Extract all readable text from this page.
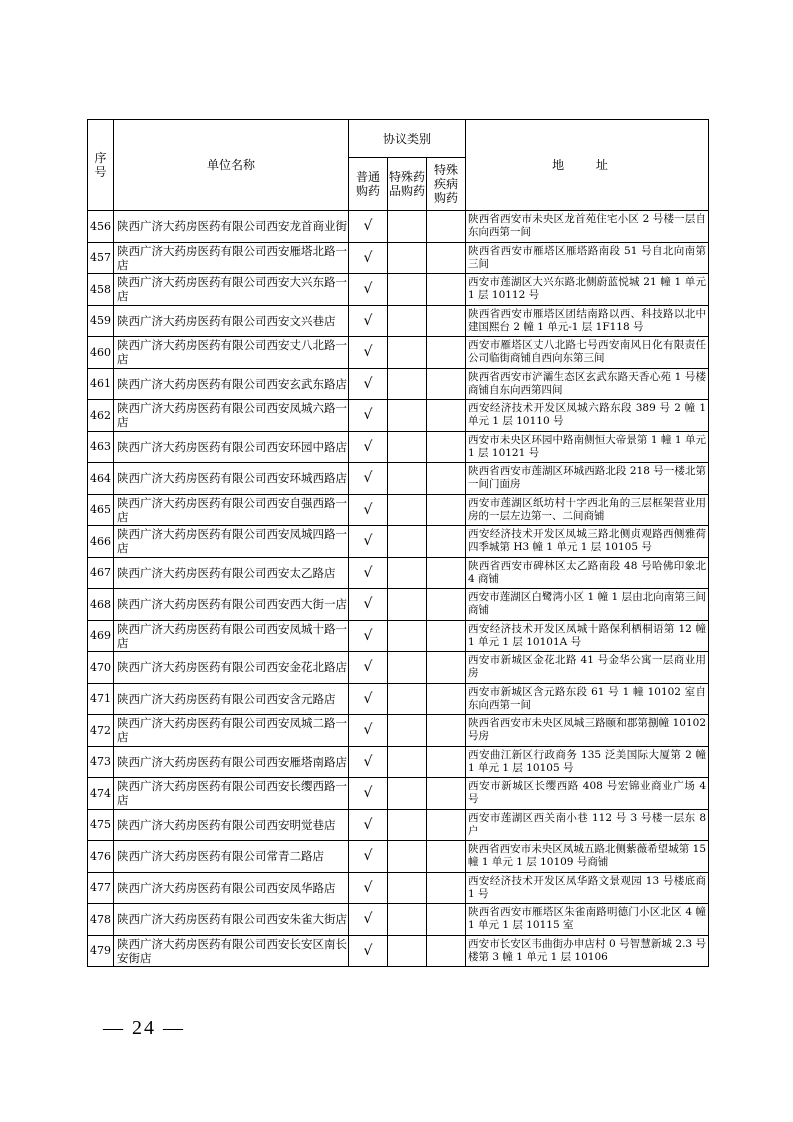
序号	单位名称	协议类别			地 址
		普通购药	特殊药品购药	特殊疾病购药	
456	陕西广济大药房医药有限公司西安龙首商业街	√			陕西省西安市未央区龙首苑住宅小区 2 号楼一层自东向西第一间
457	陕西广济大药房医药有限公司西安雁塔北路一店	√			陕西省西安市雁塔区雁塔路南段 51 号自北向南第三间
458	陕西广济大药房医药有限公司西安大兴东路一店	√			西安市莲湖区大兴东路北侧蔚蓝悦城 21 幢 1 单元 1 层 10112 号
459	陕西广济大药房医药有限公司西安文兴巷店	√			陕西省西安市雁塔区团结南路以西、科技路以北中建国熙台 2 幢 1 单元-1 层 1F118 号
460	陕西广济大药房医药有限公司西安丈八北路一店	√			西安市雁塔区丈八北路七号西安南风日化有限责任公司临街商铺自西向东第三间
461	陕西广济大药房医药有限公司西安玄武东路店	√			陕西省西安市浐灞生态区玄武东路天香心苑 1 号楼商铺自东向西第四间
462	陕西广济大药房医药有限公司西安凤城六路一店	√			西安经济技术开发区凤城六路东段 389 号 2 幢 1 单元 1 层 10110 号
463	陕西广济大药房医药有限公司西安环园中路店	√			西安市未央区环园中路南侧恒大帝景第 1 幢 1 单元 1 层 10121 号
464	陕西广济大药房医药有限公司西安环城西路店	√			陕西省西安市莲湖区环城西路北段 218 号一楼北第一间门面房
465	陕西广济大药房医药有限公司西安自强西路一店	√			西安市莲湖区纸坊村十字西北角的三层框架营业用房的一层左边第一、二间商铺
466	陕西广济大药房医药有限公司西安凤城四路一店	√			西安经济技术开发区凤城三路北侧贞观路西侧雅荷四季城第 H3 幢 1 单元 1 层 10105 号
467	陕西广济大药房医药有限公司西安太乙路店	√			陕西省西安市碑林区太乙路南段 48 号哈佛印象北 4 商铺
468	陕西广济大药房医药有限公司西安西大街一店	√			西安市莲湖区白鹭湾小区 1 幢 1 层由北向南第三间商铺
469	陕西广济大药房医药有限公司西安凤城十路一店	√			西安经济技术开发区凤城十路保利栖桐语第 12 幢 1 单元 1 层 10101A 号
470	陕西广济大药房医药有限公司西安金花北路店	√			西安市新城区金花北路 41 号金华公寓一层商业用房
471	陕西广济大药房医药有限公司西安含元路店	√			西安市新城区含元路东段 61 号 1 幢 10102 室自东向西第一间
472	陕西广济大药房医药有限公司西安凤城二路一店	√			陕西省西安市未央区凤城三路颐和郡第捌幢 10102 号房
473	陕西广济大药房医药有限公司西安雁塔南路店	√			西安曲江新区行政商务 135 泛美国际大厦第 2 幢 1 单元 1 层 10105 号
474	陕西广济大药房医药有限公司西安长缨西路一店	√			西安市新城区长缨西路 408 号宏锦业商业广场 4 号
475	陕西广济大药房医药有限公司西安明觉巷店	√			西安市莲湖区西关南小巷 112 号 3 号楼一层东 8 户
476	陕西广济大药房医药有限公司常青二路店	√			陕西省西安市未央区凤城五路北侧紫薇希望城第 15 幢 1 单元 1 层 10109 号商铺
477	陕西广济大药房医药有限公司西安凤华路店	√			西安经济技术开发区凤华路文景观园 13 号楼底商 1 号
478	陕西广济大药房医药有限公司西安朱雀大街店	√			陕西省西安市雁塔区朱雀南路明德门小区北区 4 幢 1 单元 1 层 10115 室
479	陕西广济大药房医药有限公司西安长安区南长安街店	√			西安市长安区韦曲街办申店村 0 号智慧新城 2.3 号楼第 3 幢 1 单元 1 层 10106
— 24 —
